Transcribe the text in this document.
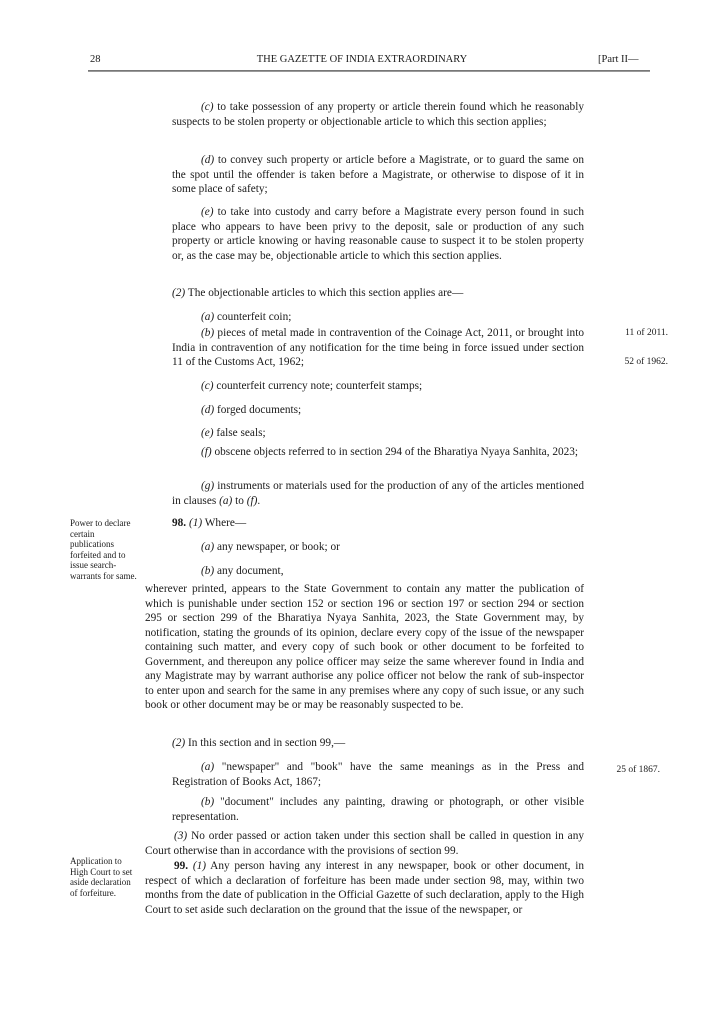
28	THE GAZETTE OF INDIA EXTRAORDINARY	[Part II—

(c) to take possession of any property or article therein found which he reasonably suspects to be stolen property or objectionable article to which this section applies;

(d) to convey such property or article before a Magistrate, or to guard the same on the spot until the offender is taken before a Magistrate, or otherwise to dispose of it in some place of safety;

(e) to take into custody and carry before a Magistrate every person found in such place who appears to have been privy to the deposit, sale or production of any such property or article knowing or having reasonable cause to suspect it to be stolen property or, as the case may be, objectionable article to which this section applies.

(2) The objectionable articles to which this section applies are—

(a) counterfeit coin;

(b) pieces of metal made in contravention of the Coinage Act, 2011, or brought into India in contravention of any notification for the time being in force issued under section 11 of the Customs Act, 1962;

(c) counterfeit currency note; counterfeit stamps;

(d) forged documents;

(e) false seals;

(f) obscene objects referred to in section 294 of the Bharatiya Nyaya Sanhita, 2023;

(g) instruments or materials used for the production of any of the articles mentioned in clauses (a) to (f).

Power to declare certain publications forfeited and to issue search-warrants for same.

98. (1) Where—

(a) any newspaper, or book; or

(b) any document,

wherever printed, appears to the State Government to contain any matter the publication of which is punishable under section 152 or section 196 or section 197 or section 294 or section 295 or section 299 of the Bharatiya Nyaya Sanhita, 2023, the State Government may, by notification, stating the grounds of its opinion, declare every copy of the issue of the newspaper containing such matter, and every copy of such book or other document to be forfeited to Government, and thereupon any police officer may seize the same wherever found in India and any Magistrate may by warrant authorise any police officer not below the rank of sub-inspector to enter upon and search for the same in any premises where any copy of such issue, or any such book or other document may be or may be reasonably suspected to be.

(2) In this section and in section 99,—

(a) "newspaper" and "book" have the same meanings as in the Press and Registration of Books Act, 1867;

(b) "document" includes any painting, drawing or photograph, or other visible representation.

(3) No order passed or action taken under this section shall be called in question in any Court otherwise than in accordance with the provisions of section 99.

Application to High Court to set aside declaration of forfeiture.

99. (1) Any person having any interest in any newspaper, book or other document, in respect of which a declaration of forfeiture has been made under section 98, may, within two months from the date of publication in the Official Gazette of such declaration, apply to the High Court to set aside such declaration on the ground that the issue of the newspaper, or

11 of 2011.
52 of 1962.
25 of 1867.
